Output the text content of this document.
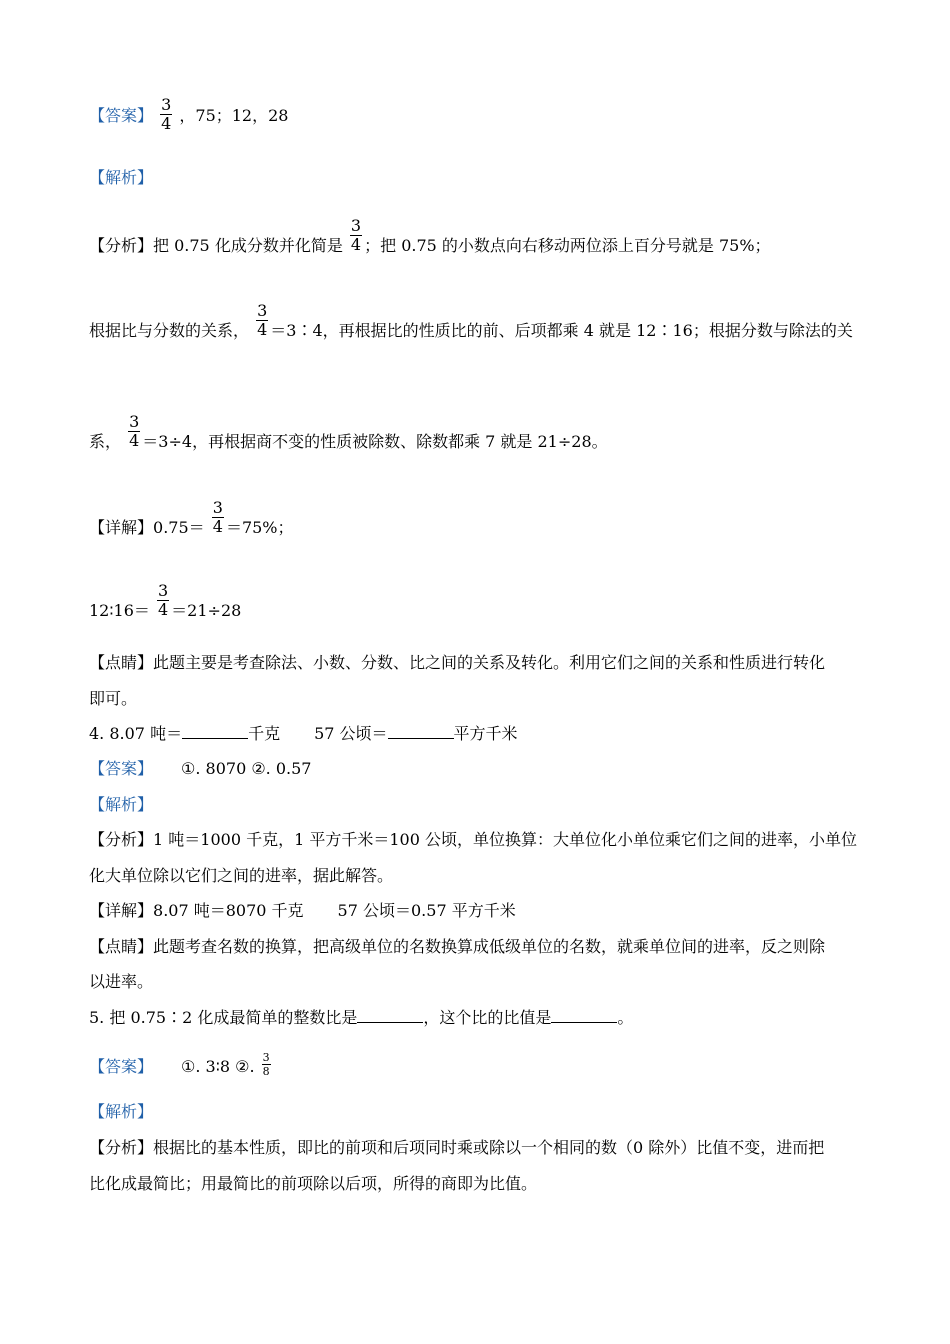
【答案】 $\frac{3}{4}$ ，75；12，28
【解析】
【分析】把 0.75 化成分数并化简是 $\frac{3}{4}$ ；把 0.75 的小数点向右移动两位添上百分号就是 75%；
根据比与分数的关系， $\frac{3}{4}$ ＝3∶4，再根据比的性质比的前、后项都乘 4 就是 12∶16；根据分数与除法的关
系， $\frac{3}{4} =3\div 4$，再根据商不变的性质被除数、除数都乘 7 就是 21÷28。
【详解】$0.75= \frac{3}{4} =75\%$；
12∶16＝ $\frac{3}{4} =21\div 28$
【点睛】此题主要是考查除法、小数、分数、比之间的关系及转化。利用它们之间的关系和性质进行转化
即可。
4. 8.07 吨＝	千克 57 公顷＝	平方千米
【答案】 ①. 8070 ②. 0.57
【解析】
【分析】1 吨＝1000 千克，1 平方千米＝100 公顷，单位换算：大单位化小单位乘它们之间的进率，小单位
化大单位除以它们之间的进率，据此解答。
【详解】8.07 吨＝8070 千克 57 公顷＝0.57 平方千米
【点睛】此题考查名数的换算，把高级单位的名数换算成低级单位的名数，就乘单位间的进率，反之则除
以进率。
5. 把 0.75∶2 化成最简单的整数比是	，这个比的比值是	。
【答案】 ①. 3∶8 ②. $\frac{3}{8}$
【解析】
【分析】根据比的基本性质，即比的前项和后项同时乘或除以一个相同的数（0 除外）比值不变，进而把
比化成最简比；用最简比的前项除以后项，所得的商即为比值。
